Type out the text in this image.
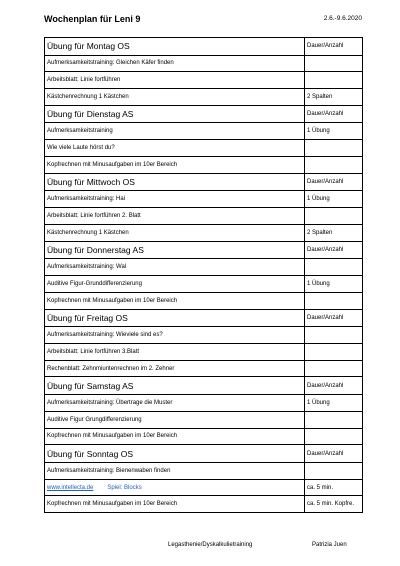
Wochenplan für Leni 9	2.6.-9.6.2020
Übung für Montag OS	Dauer/Anzahl
Aufmerksamkeitstraining: Gleichen Käfer finden	
Arbeitsblatt: Linie fortführen	
Kästchenrechnung 1 Kästchen	2 Spalten
Übung für Dienstag AS	Dauer/Anzahl
Aufmerksamkeitstraining	1 Übung
Wie viele Laute hörst du?	
Kopfrechnen mit Minusaufgaben im 10er Bereich	
Übung für Mittwoch OS	Dauer/Anzahl
Aufmerksamkeitstraining: Hai	1 Übung
Arbeitsblatt: Linie fortführen 2. Blatt	
Kästchenrechnung 1 Kästchen	2 Spalten
Übung für Donnerstag AS	Dauer/Anzahl
Aufmerksamkeitstraining: Wal	
Auditive Figur-Grunddifferenzierung	1 Übung
Kopfrechnen mit Minusaufgaben im 10er Bereich	
Übung für Freitag OS	Dauer/Anzahl
Aufmerksamkeitstraining: Wieviele sind es?	
Arbeitsblatt: Linie fortführen 3.Blatt	
Rechenblatt: Zehnmiuntenrechnen im 2. Zehner	
Übung für Samstag AS	Dauer/Anzahl
Aufmerksamkeitstraining: Übertrage die Muster	1 Übung
Auditive Figur Grungdifferenzierung	
Kopfrechnen mit Minusaufgaben im 10er Bereich	
Übung für Sonntag OS	Dauer/Anzahl
Aufmerksamkeitstraining: Bienenwaben finden	
www.intellecta.de Spiel: Blocks	ca. 5 min.
Kopfrechnen mit Minusaufgaben im 10er Bereich	ca. 5 min. Kopfre.
Legasthenie/Dyskalkulietraining	Patrizia Juen
